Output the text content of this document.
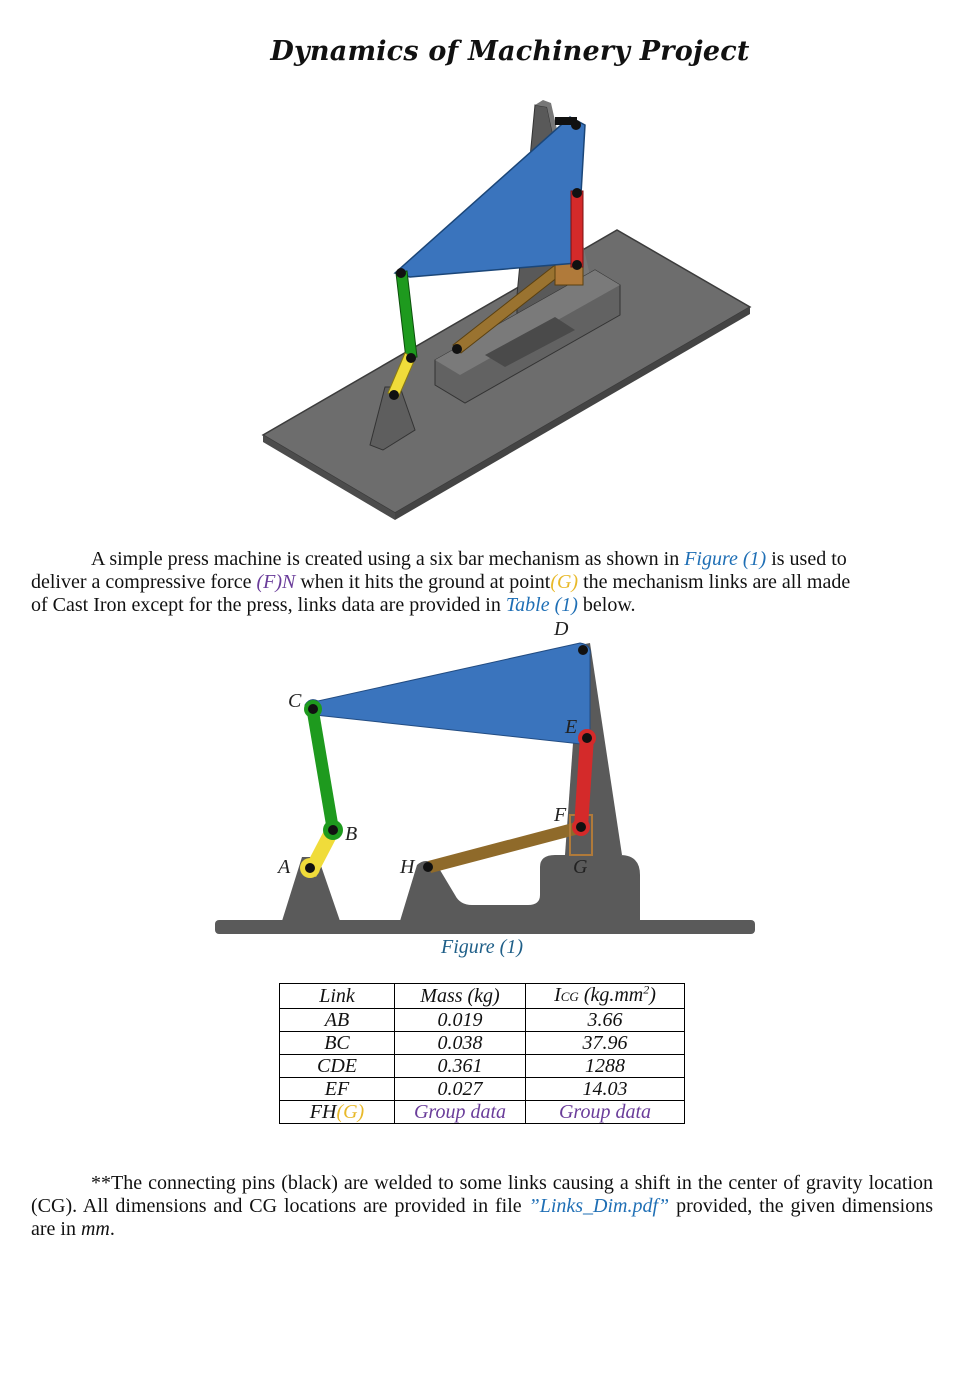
Dynamics of Machinery Project
A simple press machine is created using a six bar mechanism as shown in Figure (1) is used to
deliver a compressive force (F)N when it hits the ground at point(G) the mechanism links are all made
of Cast Iron except for the press, links data are provided in Table (1) below.
A
B
C
D
E
F
G
H
Figure (1)
Link	Mass (kg)	ICG $(kg.mm^2)$
AB	0.019	3.66
BC	0.038	37.96
CDE	0.361	1288
EF	0.027	14.03
FH(G)	Group data	Group data
**The connecting pins (black) are welded to some links causing a shift in the center of gravity location (CG). All dimensions and CG locations are provided in file ”Links_Dim.pdf” provided, the given dimensions are in mm.
